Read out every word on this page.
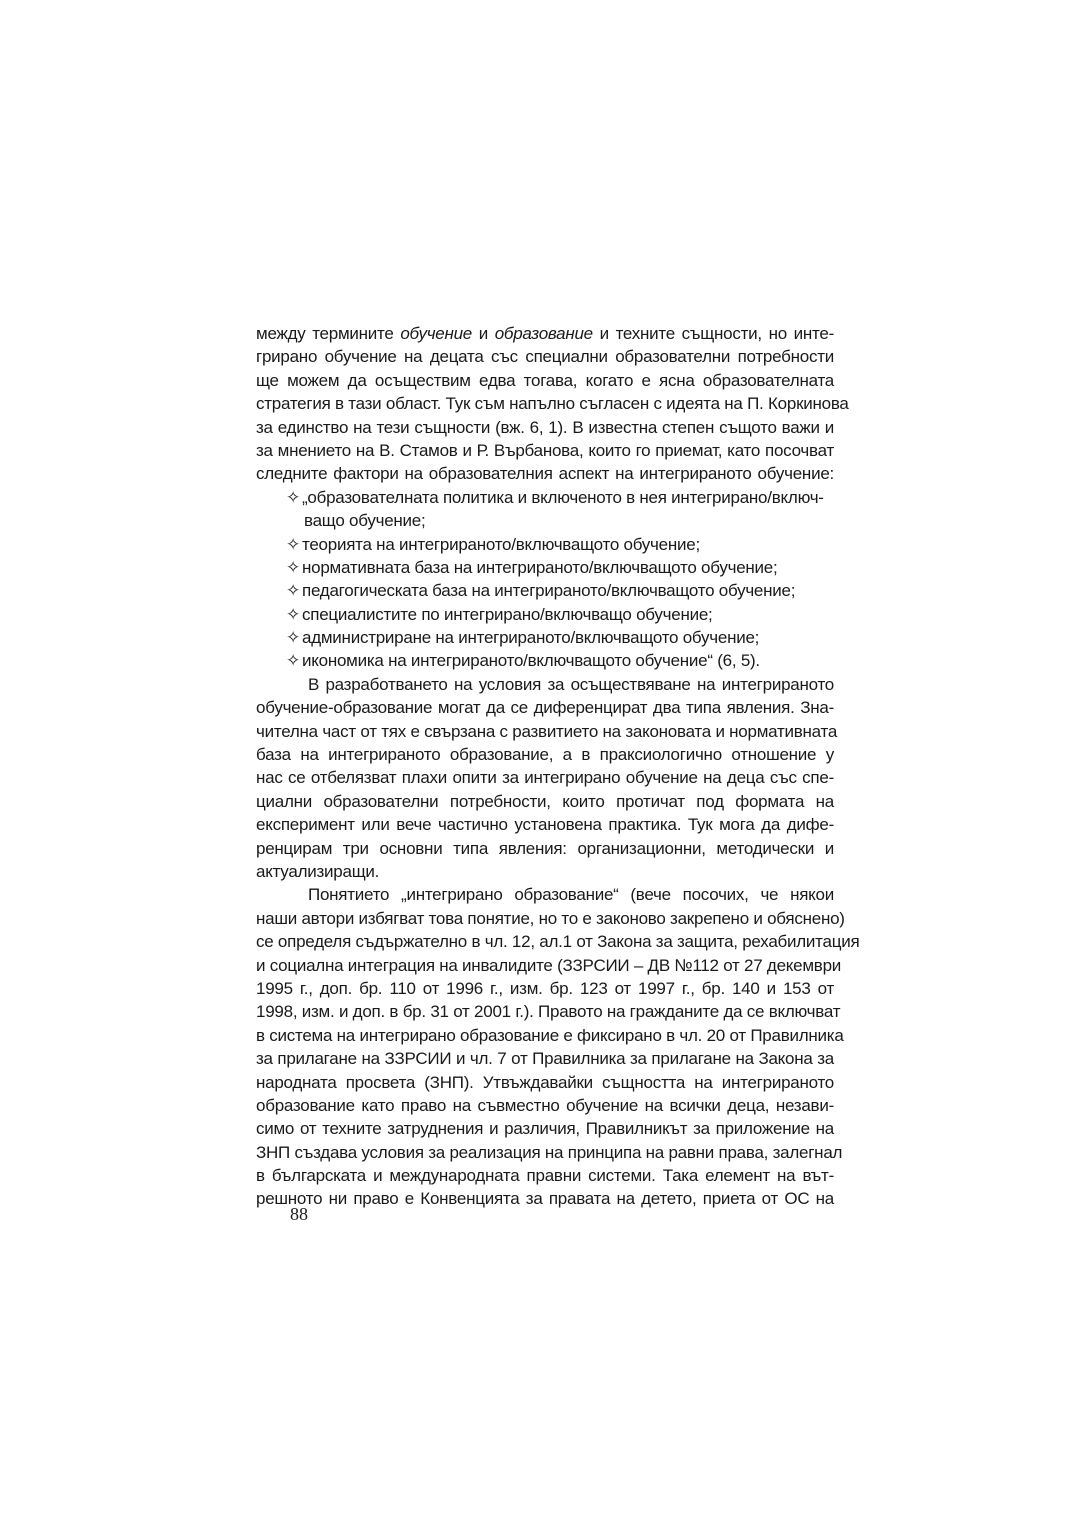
между термините обучение и образование и техните същности, но инте-
грирано обучение на децата със специални образователни потребности
ще можем да осъществим едва тогава, когато е ясна образователната
стратегия в тази област. Тук съм напълно съгласен с идеята на П. Коркинова
за единство на тези същности (вж. 6, 1). В известна степен същото важи и
за мнението на В. Стамов и Р. Върбанова, които го приемат, като посочват
следните фактори на образователния аспект на интегрираното обучение:
✧ „образователната политика и включеното в нея интегрирано/включ-
ващо обучение;
✧ теорията на интегрираното/включващото обучение;
✧ нормативната база на интегрираното/включващото обучение;
✧ педагогическата база на интегрираното/включващото обучение;
✧ специалистите по интегрирано/включващо обучение;
✧ администриране на интегрираното/включващото обучение;
✧ икономика на интегрираното/включващото обучение“ (6, 5).
В разработването на условия за осъществяване на интегрираното
обучение-образование могат да се диференцират два типа явления. Зна-
чителна част от тях е свързана с развитието на законовата и нормативната
база на интегрираното образование, а в праксиологично отношение у
нас се отбелязват плахи опити за интегрирано обучение на деца със спе-
циални образователни потребности, които протичат под формата на
експеримент или вече частично установена практика. Тук мога да дифе-
ренцирам три основни типа явления: организационни, методически и
актуализиращи.
Понятието „интегрирано образование“ (вече посочих, че някои
наши автори избягват това понятие, но то е законово закрепено и обяснено)
се определя съдържателно в чл. 12, ал.1 от Закона за защита, рехабилитация
и социална интеграция на инвалидите (ЗЗРСИИ – ДВ №112 от 27 декември
1995 г., доп. бр. 110 от 1996 г., изм. бр. 123 от 1997 г., бр. 140 и 153 от
1998, изм. и доп. в бр. 31 от 2001 г.). Правото на гражданите да се включват
в система на интегрирано образование е фиксирано в чл. 20 от Правилника
за прилагане на ЗЗРСИИ и чл. 7 от Правилника за прилагане на Закона за
народната просвета (ЗНП). Утвъждавайки същността на интегрираното
образование като право на съвместно обучение на всички деца, незави-
симо от техните затруднения и различия, Правилникът за приложение на
ЗНП създава условия за реализация на принципа на равни права, залегнал
в българската и международната правни системи. Така елемент на вът-
решното ни право е Конвенцията за правата на детето, приета от ОС на
88
